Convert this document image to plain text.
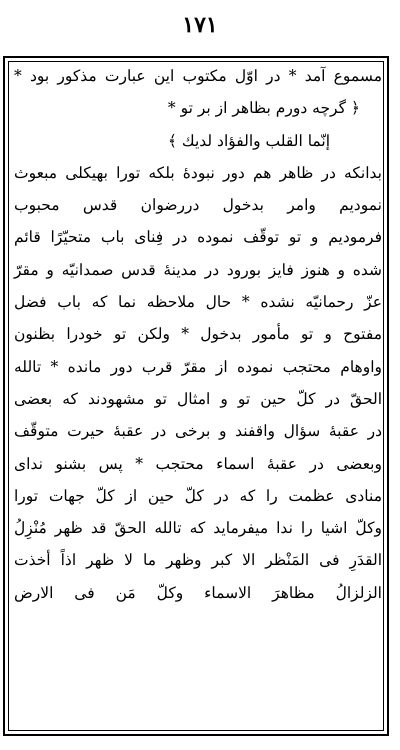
۱۷۱
مسموع آمد * در اوّل مکتوب این عبارت مذکور بود *
﴿ گرچه دورم بظاهر از بر تو *
إنّما القلب والفؤاد لديك ﴾
بدانکه در ظاهر هم دور نبودهٔ بلکه تورا بهیکلی مبعوث
نمودیم وامر بدخول دررضوان قدس محبوب
فرمودیم و تو توقّف نموده در فِنای باب متحیّرًا قائم
شده و هنوز فایز بورود در مدینهٔ قدس صمدانیّه و مقرّ
عزّ رحمانیّه نشده * حال ملاحظه نما که باب فضل
مفتوح و تو مأمور بدخول * ولکن تو خودرا بظنون
واوهام محتجب نموده از مقرّ قرب دور مانده * تالله
الحقّ در کلّ حین تو و امثال تو مشهودند که بعضی
در عقبهٔ سؤال واقفند و برخی در عقبهٔ حیرت متوقّف
وبعضی در عقبهٔ اسماء محتجب * پس بشنو ندای
منادی عظمت را که در کلّ حین از کلّ جهات تورا
وکلّ اشیا را ندا میفرماید که تالله الحقّ قد ظهر مُنْزِلُ
القدَرِ فی المَنْظر الا کبر وظهر ما لا ظهر اذاً أخذت
الزلزالُ مظاهرَ الاسماء وکلّ مَن فی الارض
